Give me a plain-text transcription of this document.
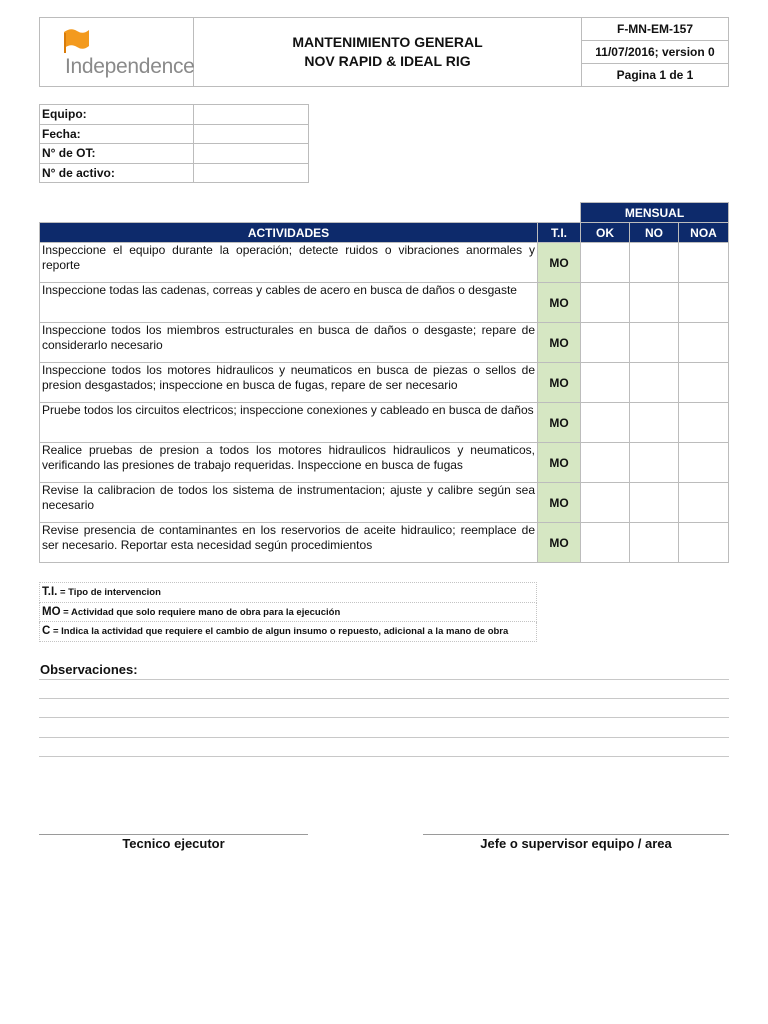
Independence

MANTENIMIENTO GENERAL
NOV RAPID & IDEAL RIG
	F-MN-EM-157
11/07/2016; version 0
Pagina 1 de 1
Equipo:	
Fecha:	
N° de OT:	
N° de activo:	
		MENSUAL		
ACTIVIDADES	T.I.	OK	NO	NOA
Inspeccione el equipo durante la operación; detecte ruidos o vibraciones anormales y reporte	MO			
Inspeccione todas las cadenas, correas y cables de acero en busca de daños o desgaste	MO			
Inspeccione todos los miembros estructurales en busca de daños o desgaste; repare de considerarlo necesario	MO			
Inspeccione todos los motores hidraulicos y neumaticos en busca de piezas o sellos de presion desgastados; inspeccione en busca de fugas, repare de ser necesario	MO			
Pruebe todos los circuitos electricos; inspeccione conexiones y cableado en busca de daños	MO			
Realice pruebas de presion a todos los motores hidraulicos hidraulicos y neumaticos, verificando las presiones de trabajo requeridas. Inspeccione en busca de fugas	MO			
Revise la calibracion de todos los sistema de instrumentacion; ajuste y calibre según sea necesario	MO			
Revise presencia de contaminantes en los reservorios de aceite hidraulico; reemplace de ser necesario. Reportar esta necesidad según procedimientos	MO			
T.I. = Tipo de intervencion
MO = Actividad que solo requiere mano de obra para la ejecución
C = Indica la actividad que requiere el cambio de algun insumo o repuesto, adicional a la mano de obra
Observaciones:
Tecnico ejecutor	Jefe o supervisor equipo / area
